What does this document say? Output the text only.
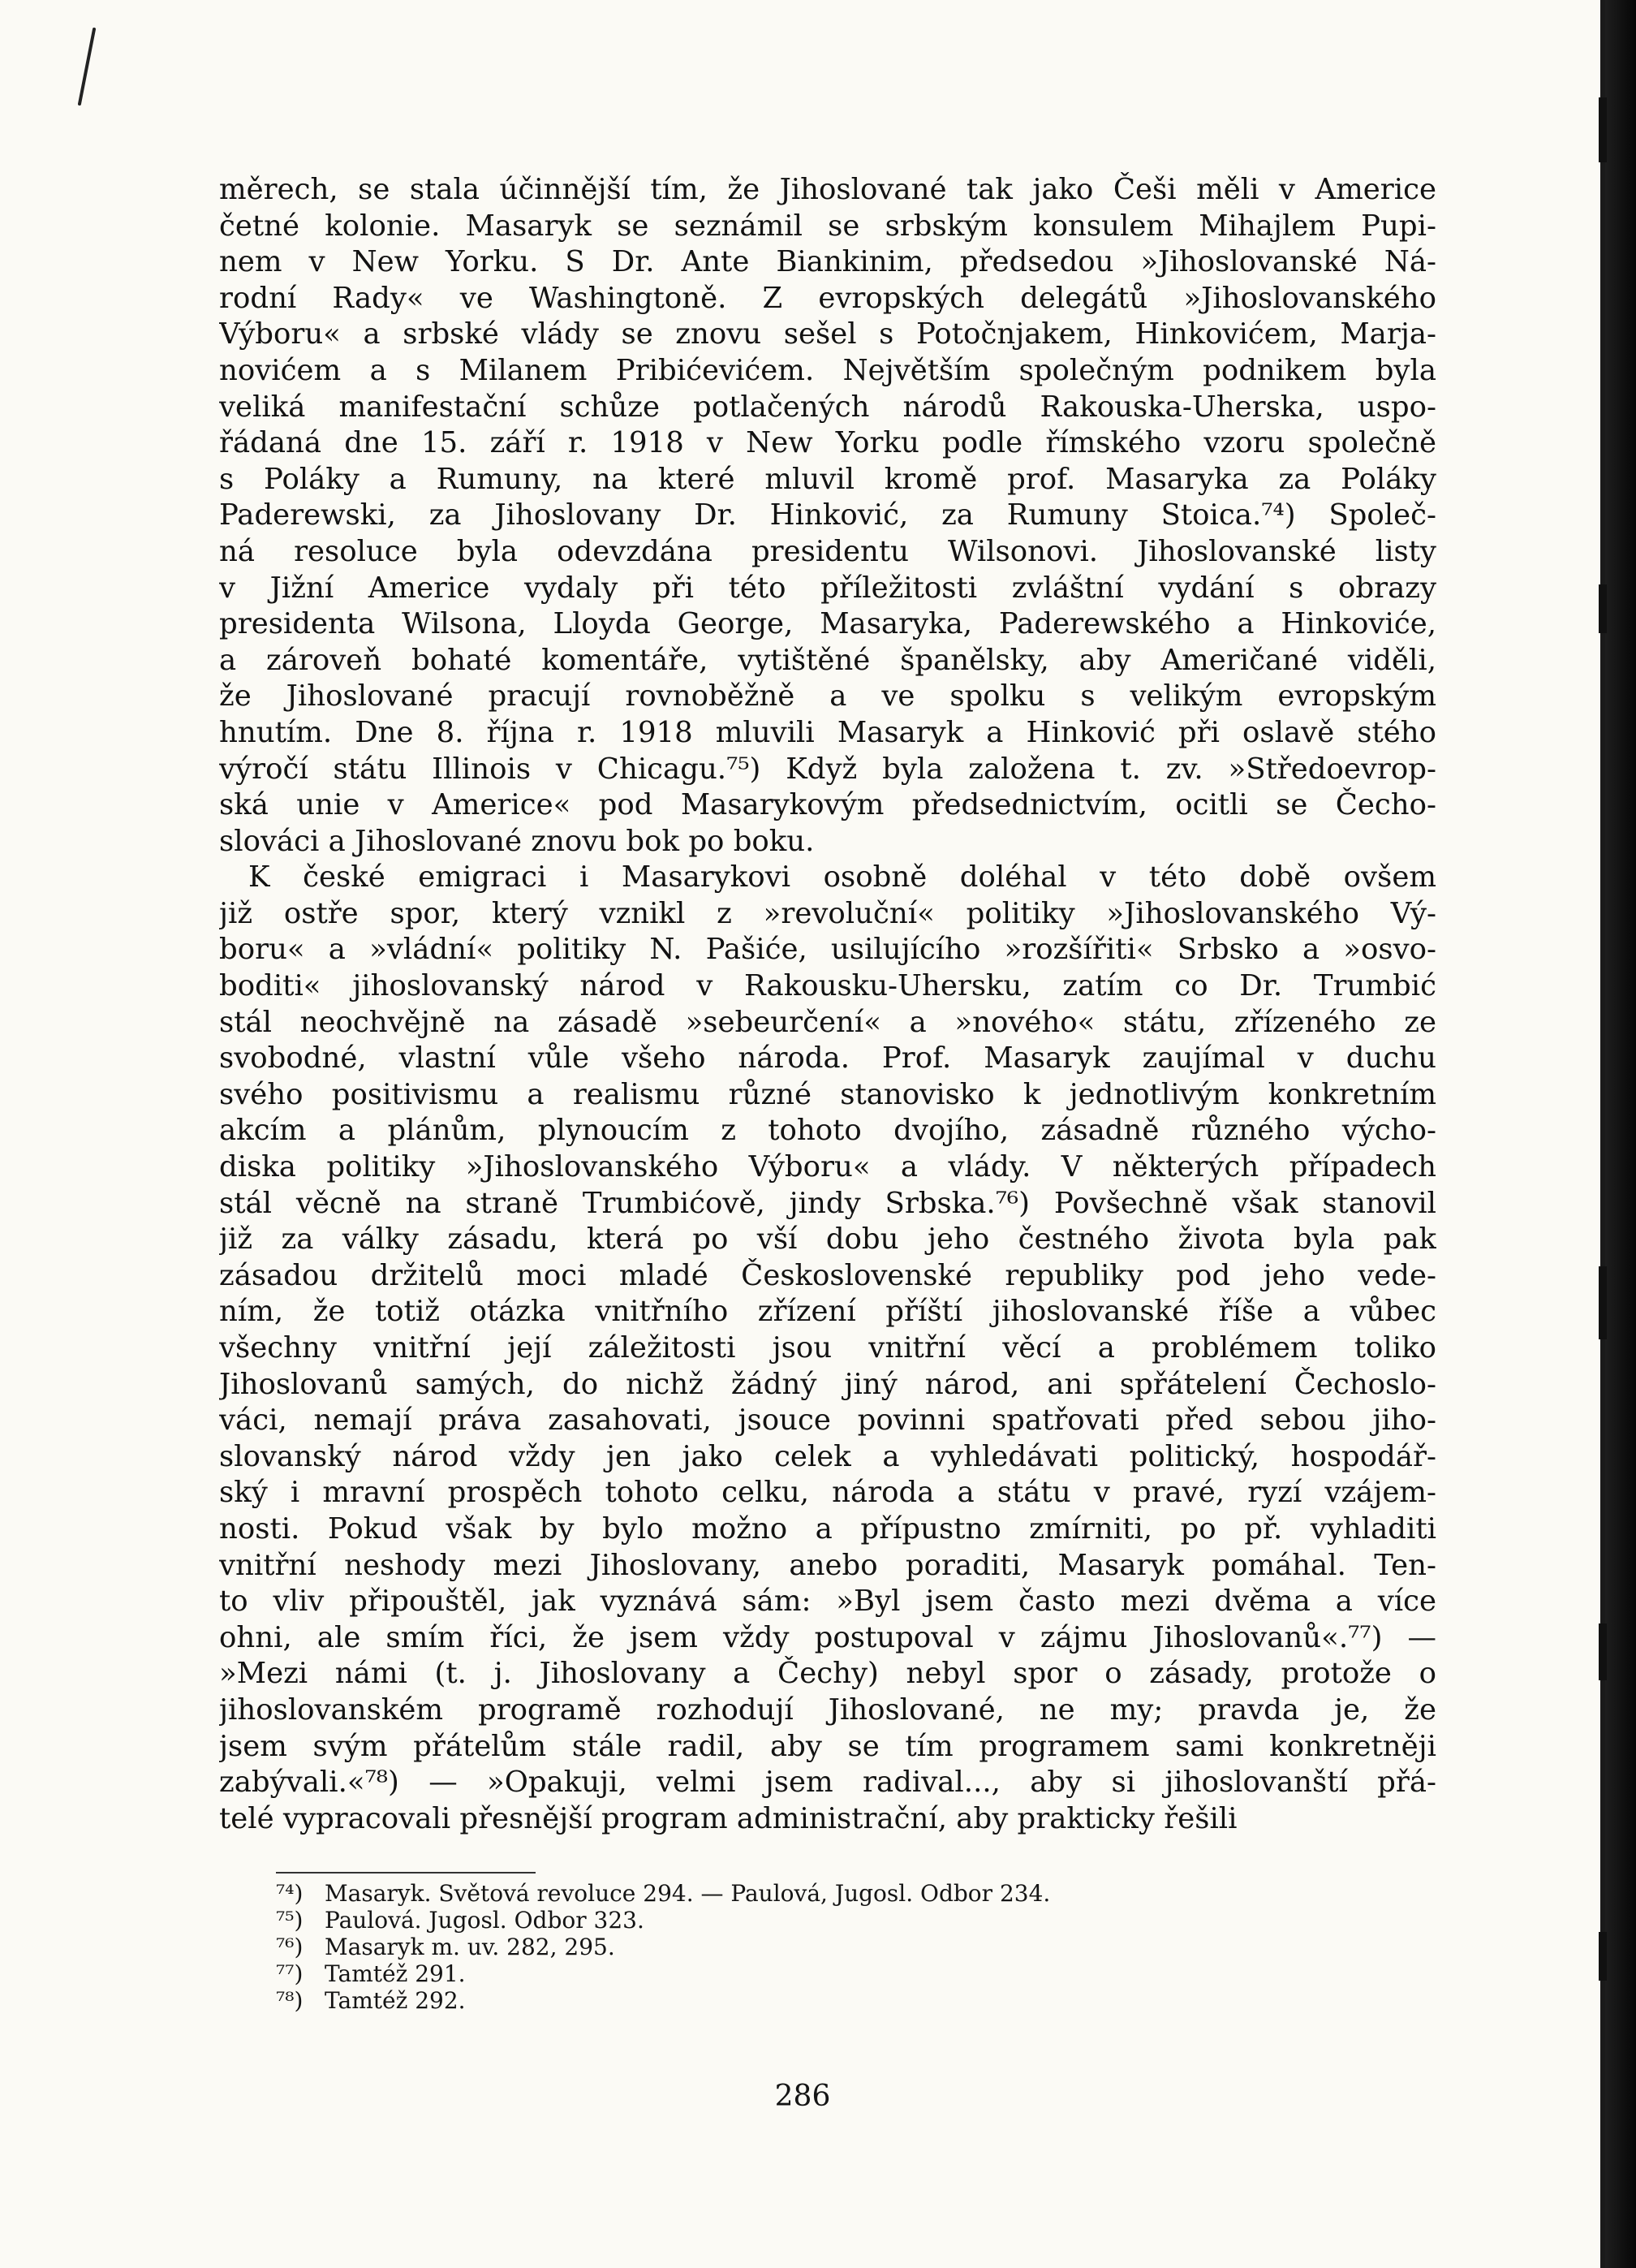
měrech, se stala účinnější tím, že Jihoslované tak jako Češi měli v Americe
četné kolonie. Masaryk se seznámil se srbským konsulem Mihajlem Pupi-
nem v New Yorku. S Dr. Ante Biankinim, předsedou »Jihoslovanské Ná-
rodní Rady« ve Washingtoně. Z evropských delegátů »Jihoslovanského
Výboru« a srbské vlády se znovu sešel s Potočnjakem, Hinkovićem, Marja-
novićem a s Milanem Pribićevićem. Největším společným podnikem byla
veliká manifestační schůze potlačených národů Rakouska-Uherska, uspo-
řádaná dne 15. září r. 1918 v New Yorku podle římského vzoru společně
s Poláky a Rumuny, na které mluvil kromě prof. Masaryka za Poláky
Paderewski, za Jihoslovany Dr. Hinković, za Rumuny Stoica.⁷⁴) Společ-
ná resoluce byla odevzdána presidentu Wilsonovi. Jihoslovanské listy
v Jižní Americe vydaly při této příležitosti zvláštní vydání s obrazy
presidenta Wilsona, Lloyda George, Masaryka, Paderewského a Hinkoviće,
a zároveň bohaté komentáře, vytištěné španělsky, aby Američané viděli,
že Jihoslované pracují rovnoběžně a ve spolku s velikým evropským
hnutím. Dne 8. října r. 1918 mluvili Masaryk a Hinković při oslavě stého
výročí státu Illinois v Chicagu.⁷⁵) Když byla založena t. zv. »Středoevrop-
ská unie v Americe« pod Masarykovým předsednictvím, ocitli se Čecho-
slováci a Jihoslované znovu bok po boku.
K české emigraci i Masarykovi osobně doléhal v této době ovšem
již ostře spor, který vznikl z »revoluční« politiky »Jihoslovanského Vý-
boru« a »vládní« politiky N. Pašiće, usilujícího »rozšířiti« Srbsko a »osvo-
boditi« jihoslovanský národ v Rakousku-Uhersku, zatím co Dr. Trumbić
stál neochvějně na zásadě »sebeurčení« a »nového« státu, zřízeného ze
svobodné, vlastní vůle všeho národa. Prof. Masaryk zaujímal v duchu
svého positivismu a realismu různé stanovisko k jednotlivým konkretním
akcím a plánům, plynoucím z tohoto dvojího, zásadně různého výcho-
diska politiky »Jihoslovanského Výboru« a vlády. V některých případech
stál věcně na straně Trumbićově, jindy Srbska.⁷⁶) Povšechně však stanovil
již za války zásadu, která po vší dobu jeho čestného života byla pak
zásadou držitelů moci mladé Československé republiky pod jeho vede-
ním, že totiž otázka vnitřního zřízení příští jihoslovanské říše a vůbec
všechny vnitřní její záležitosti jsou vnitřní věcí a problémem toliko
Jihoslovanů samých, do nichž žádný jiný národ, ani spřátelení Čechoslo-
váci, nemají práva zasahovati, jsouce povinni spatřovati před sebou jiho-
slovanský národ vždy jen jako celek a vyhledávati politický, hospodář-
ský i mravní prospěch tohoto celku, národa a státu v pravé, ryzí vzájem-
nosti. Pokud však by bylo možno a přípustno zmírniti, po př. vyhladiti
vnitřní neshody mezi Jihoslovany, anebo poraditi, Masaryk pomáhal. Ten-
to vliv připouštěl, jak vyznává sám: »Byl jsem často mezi dvěma a více
ohni, ale smím říci, že jsem vždy postupoval v zájmu Jihoslovanů«.⁷⁷) —
»Mezi námi (t. j. Jihoslovany a Čechy) nebyl spor o zásady, protože o
jihoslovanském programě rozhodují Jihoslované, ne my; pravda je, že
jsem svým přátelům stále radil, aby se tím programem sami konkretněji
zabývali.«⁷⁸) — »Opakuji, velmi jsem radival..., aby si jihoslovanští přá-
telé vypracovali přesnější program administrační, aby prakticky řešili
⁷⁴) Masaryk. Světová revoluce 294. — Paulová, Jugosl. Odbor 234.
⁷⁵) Paulová. Jugosl. Odbor 323.
⁷⁶) Masaryk m. uv. 282, 295.
⁷⁷) Tamtéž 291.
⁷⁸) Tamtéž 292.
286
